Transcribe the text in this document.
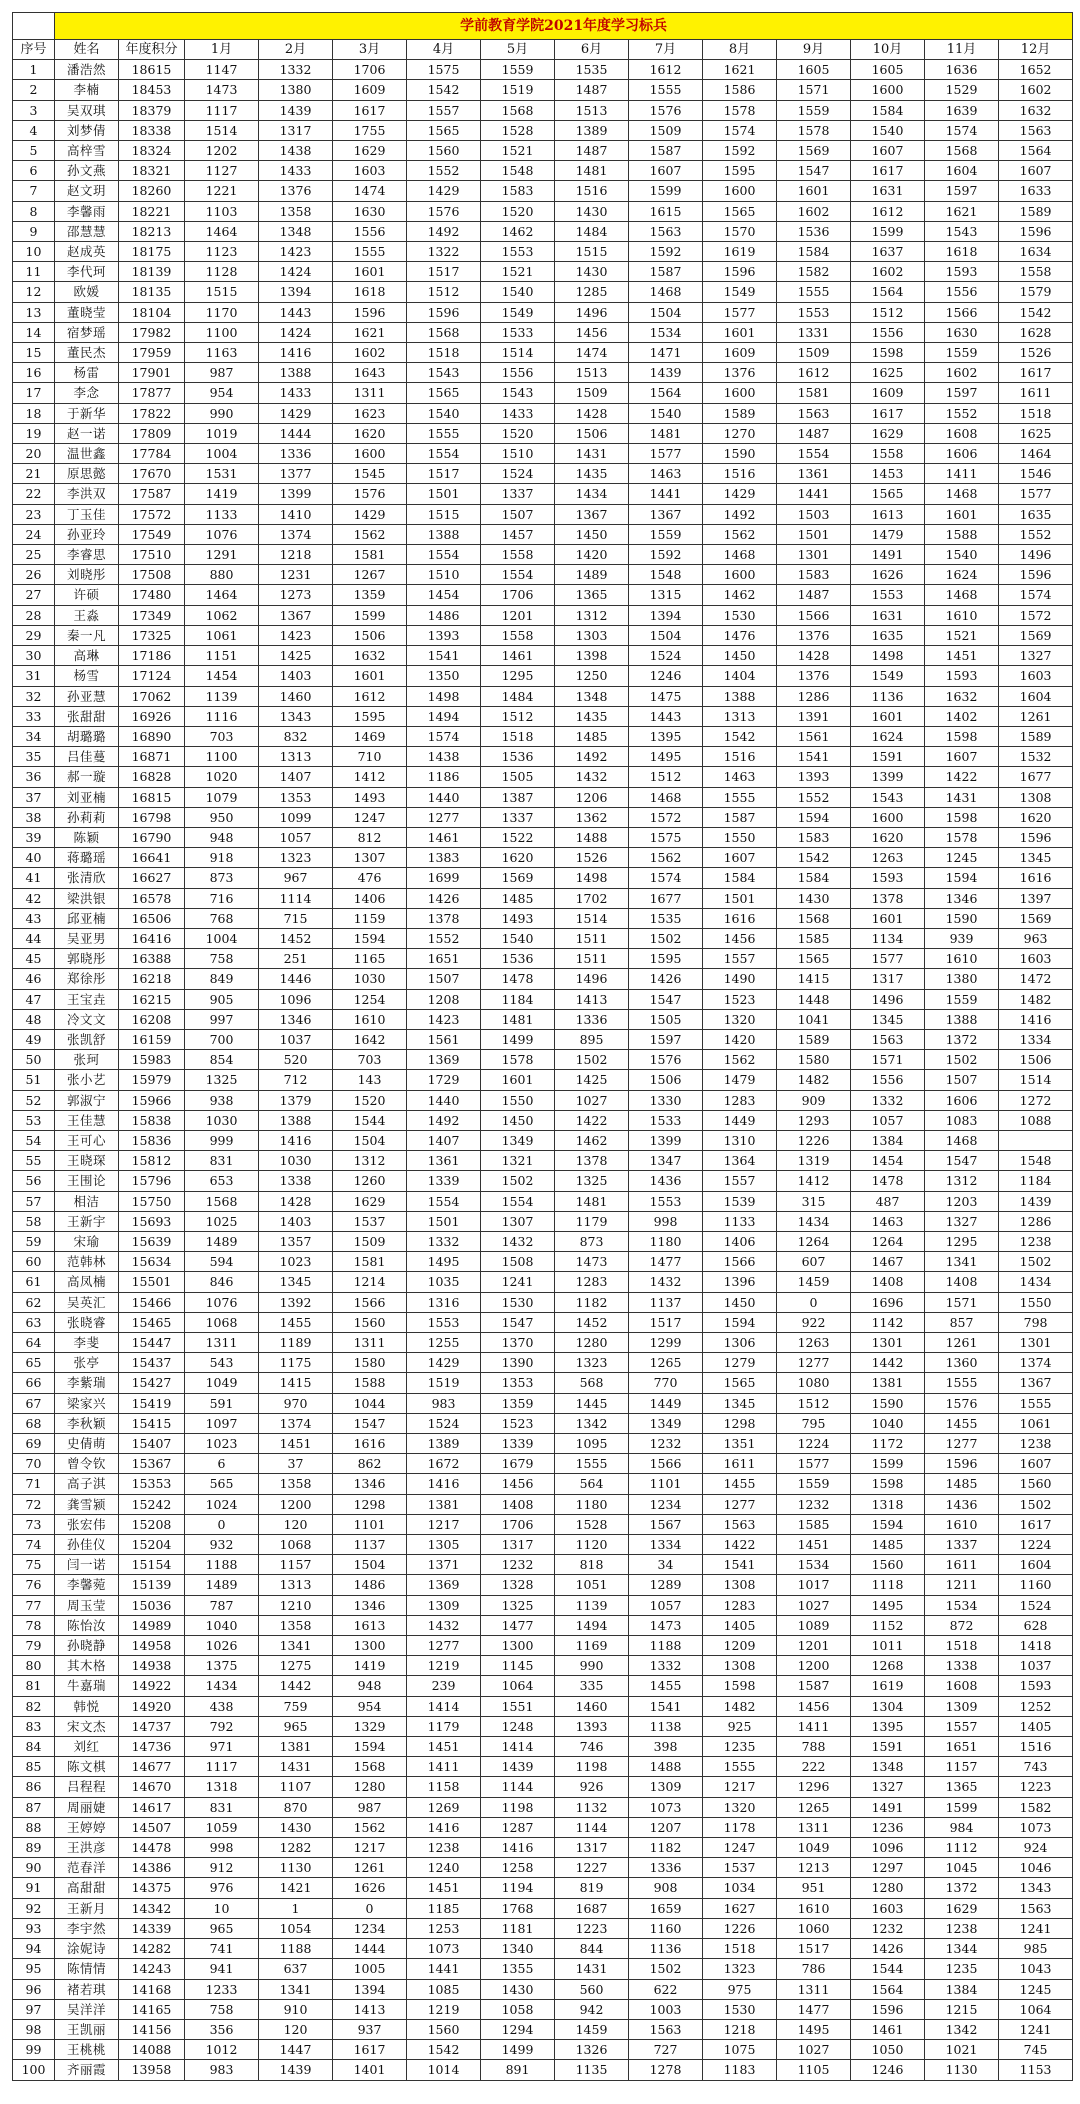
	学前教育学院2021年度学习标兵													
序号	姓名	年度积分	1月	2月	3月	4月	5月	6月	7月	8月	9月	10月	11月	12月
1	潘浩然	18615	1147	1332	1706	1575	1559	1535	1612	1621	1605	1605	1636	1652
2	李楠	18453	1473	1380	1609	1542	1519	1487	1555	1586	1571	1600	1529	1602
3	吴双琪	18379	1117	1439	1617	1557	1568	1513	1576	1578	1559	1584	1639	1632
4	刘梦倩	18338	1514	1317	1755	1565	1528	1389	1509	1574	1578	1540	1574	1563
5	高梓雪	18324	1202	1438	1629	1560	1521	1487	1587	1592	1569	1607	1568	1564
6	孙文燕	18321	1127	1433	1603	1552	1548	1481	1607	1595	1547	1617	1604	1607
7	赵文玥	18260	1221	1376	1474	1429	1583	1516	1599	1600	1601	1631	1597	1633
8	李馨雨	18221	1103	1358	1630	1576	1520	1430	1615	1565	1602	1612	1621	1589
9	邵慧慧	18213	1464	1348	1556	1492	1462	1484	1563	1570	1536	1599	1543	1596
10	赵成英	18175	1123	1423	1555	1322	1553	1515	1592	1619	1584	1637	1618	1634
11	李代珂	18139	1128	1424	1601	1517	1521	1430	1587	1596	1582	1602	1593	1558
12	欧媛	18135	1515	1394	1618	1512	1540	1285	1468	1549	1555	1564	1556	1579
13	董晓莹	18104	1170	1443	1596	1596	1549	1496	1504	1577	1553	1512	1566	1542
14	宿梦瑶	17982	1100	1424	1621	1568	1533	1456	1534	1601	1331	1556	1630	1628
15	董民杰	17959	1163	1416	1602	1518	1514	1474	1471	1609	1509	1598	1559	1526
16	杨雷	17901	987	1388	1643	1543	1556	1513	1439	1376	1612	1625	1602	1617
17	李念	17877	954	1433	1311	1565	1543	1509	1564	1600	1581	1609	1597	1611
18	于新华	17822	990	1429	1623	1540	1433	1428	1540	1589	1563	1617	1552	1518
19	赵一诺	17809	1019	1444	1620	1555	1520	1506	1481	1270	1487	1629	1608	1625
20	温世鑫	17784	1004	1336	1600	1554	1510	1431	1577	1590	1554	1558	1606	1464
21	原思懿	17670	1531	1377	1545	1517	1524	1435	1463	1516	1361	1453	1411	1546
22	李洪双	17587	1419	1399	1576	1501	1337	1434	1441	1429	1441	1565	1468	1577
23	丁玉佳	17572	1133	1410	1429	1515	1507	1367	1367	1492	1503	1613	1601	1635
24	孙亚玲	17549	1076	1374	1562	1388	1457	1450	1559	1562	1501	1479	1588	1552
25	李睿思	17510	1291	1218	1581	1554	1558	1420	1592	1468	1301	1491	1540	1496
26	刘晓彤	17508	880	1231	1267	1510	1554	1489	1548	1600	1583	1626	1624	1596
27	许硕	17480	1464	1273	1359	1454	1706	1365	1315	1462	1487	1553	1468	1574
28	王淼	17349	1062	1367	1599	1486	1201	1312	1394	1530	1566	1631	1610	1572
29	秦一凡	17325	1061	1423	1506	1393	1558	1303	1504	1476	1376	1635	1521	1569
30	高琳	17186	1151	1425	1632	1541	1461	1398	1524	1450	1428	1498	1451	1327
31	杨雪	17124	1454	1403	1601	1350	1295	1250	1246	1404	1376	1549	1593	1603
32	孙亚慧	17062	1139	1460	1612	1498	1484	1348	1475	1388	1286	1136	1632	1604
33	张甜甜	16926	1116	1343	1595	1494	1512	1435	1443	1313	1391	1601	1402	1261
34	胡璐璐	16890	703	832	1469	1574	1518	1485	1395	1542	1561	1624	1598	1589
35	吕佳蔓	16871	1100	1313	710	1438	1536	1492	1495	1516	1541	1591	1607	1532
36	郝一璇	16828	1020	1407	1412	1186	1505	1432	1512	1463	1393	1399	1422	1677
37	刘亚楠	16815	1079	1353	1493	1440	1387	1206	1468	1555	1552	1543	1431	1308
38	孙莉莉	16798	950	1099	1247	1277	1337	1362	1572	1587	1594	1600	1598	1620
39	陈颖	16790	948	1057	812	1461	1522	1488	1575	1550	1583	1620	1578	1596
40	蒋璐瑶	16641	918	1323	1307	1383	1620	1526	1562	1607	1542	1263	1245	1345
41	张清欣	16627	873	967	476	1699	1569	1498	1574	1584	1584	1593	1594	1616
42	梁洪银	16578	716	1114	1406	1426	1485	1702	1677	1501	1430	1378	1346	1397
43	邱亚楠	16506	768	715	1159	1378	1493	1514	1535	1616	1568	1601	1590	1569
44	吴亚男	16416	1004	1452	1594	1552	1540	1511	1502	1456	1585	1134	939	963
45	郭晓彤	16388	758	251	1165	1651	1536	1511	1595	1557	1565	1577	1610	1603
46	郑徐彤	16218	849	1446	1030	1507	1478	1496	1426	1490	1415	1317	1380	1472
47	王宝垚	16215	905	1096	1254	1208	1184	1413	1547	1523	1448	1496	1559	1482
48	冷文文	16208	997	1346	1610	1423	1481	1336	1505	1320	1041	1345	1388	1416
49	张凯舒	16159	700	1037	1642	1561	1499	895	1597	1420	1589	1563	1372	1334
50	张珂	15983	854	520	703	1369	1578	1502	1576	1562	1580	1571	1502	1506
51	张小艺	15979	1325	712	143	1729	1601	1425	1506	1479	1482	1556	1507	1514
52	郭淑宁	15966	938	1379	1520	1440	1550	1027	1330	1283	909	1332	1606	1272
53	王佳慧	15838	1030	1388	1544	1492	1450	1422	1533	1449	1293	1057	1083	1088
54	王可心	15836	999	1416	1504	1407	1349	1462	1399	1310	1226	1384	1468	
55	王晓琛	15812	831	1030	1312	1361	1321	1378	1347	1364	1319	1454	1547	1548
56	王围论	15796	653	1338	1260	1339	1502	1325	1436	1557	1412	1478	1312	1184
57	相洁	15750	1568	1428	1629	1554	1554	1481	1553	1539	315	487	1203	1439
58	王新宇	15693	1025	1403	1537	1501	1307	1179	998	1133	1434	1463	1327	1286
59	宋瑜	15639	1489	1357	1509	1332	1432	873	1180	1406	1264	1264	1295	1238
60	范韩林	15634	594	1023	1581	1495	1508	1473	1477	1566	607	1467	1341	1502
61	高凤楠	15501	846	1345	1214	1035	1241	1283	1432	1396	1459	1408	1408	1434
62	吴英汇	15466	1076	1392	1566	1316	1530	1182	1137	1450	0	1696	1571	1550
63	张晓睿	15465	1068	1455	1560	1553	1547	1452	1517	1594	922	1142	857	798
64	李斐	15447	1311	1189	1311	1255	1370	1280	1299	1306	1263	1301	1261	1301
65	张亭	15437	543	1175	1580	1429	1390	1323	1265	1279	1277	1442	1360	1374
66	李紫瑞	15427	1049	1415	1588	1519	1353	568	770	1565	1080	1381	1555	1367
67	梁家兴	15419	591	970	1044	983	1359	1445	1449	1345	1512	1590	1576	1555
68	李秋颖	15415	1097	1374	1547	1524	1523	1342	1349	1298	795	1040	1455	1061
69	史倩萌	15407	1023	1451	1616	1389	1339	1095	1232	1351	1224	1172	1277	1238
70	曾令钦	15367	6	37	862	1672	1679	1555	1566	1611	1577	1599	1596	1607
71	高子淇	15353	565	1358	1346	1416	1456	564	1101	1455	1559	1598	1485	1560
72	龚雪颍	15242	1024	1200	1298	1381	1408	1180	1234	1277	1232	1318	1436	1502
73	张宏伟	15208	0	120	1101	1217	1706	1528	1567	1563	1585	1594	1610	1617
74	孙佳仪	15204	932	1068	1137	1305	1317	1120	1334	1422	1451	1485	1337	1224
75	闫一诺	15154	1188	1157	1504	1371	1232	818	34	1541	1534	1560	1611	1604
76	李馨菀	15139	1489	1313	1486	1369	1328	1051	1289	1308	1017	1118	1211	1160
77	周玉莹	15036	787	1210	1346	1309	1325	1139	1057	1283	1027	1495	1534	1524
78	陈怡汝	14989	1040	1358	1613	1432	1477	1494	1473	1405	1089	1152	872	628
79	孙晓静	14958	1026	1341	1300	1277	1300	1169	1188	1209	1201	1011	1518	1418
80	其木格	14938	1375	1275	1419	1219	1145	990	1332	1308	1200	1268	1338	1037
81	牛嘉瑞	14922	1434	1442	948	239	1064	335	1455	1598	1587	1619	1608	1593
82	韩悦	14920	438	759	954	1414	1551	1460	1541	1482	1456	1304	1309	1252
83	宋文杰	14737	792	965	1329	1179	1248	1393	1138	925	1411	1395	1557	1405
84	刘红	14736	971	1381	1594	1451	1414	746	398	1235	788	1591	1651	1516
85	陈文棋	14677	1117	1431	1568	1411	1439	1198	1488	1555	222	1348	1157	743
86	吕程程	14670	1318	1107	1280	1158	1144	926	1309	1217	1296	1327	1365	1223
87	周丽婕	14617	831	870	987	1269	1198	1132	1073	1320	1265	1491	1599	1582
88	王婷婷	14507	1059	1430	1562	1416	1287	1144	1207	1178	1311	1236	984	1073
89	王洪彦	14478	998	1282	1217	1238	1416	1317	1182	1247	1049	1096	1112	924
90	范春洋	14386	912	1130	1261	1240	1258	1227	1336	1537	1213	1297	1045	1046
91	高甜甜	14375	976	1421	1626	1451	1194	819	908	1034	951	1280	1372	1343
92	王新月	14342	10	1	0	1185	1768	1687	1659	1627	1610	1603	1629	1563
93	李宇然	14339	965	1054	1234	1253	1181	1223	1160	1226	1060	1232	1238	1241
94	涂妮诗	14282	741	1188	1444	1073	1340	844	1136	1518	1517	1426	1344	985
95	陈情情	14243	941	637	1005	1441	1355	1431	1502	1323	786	1544	1235	1043
96	褚若琪	14168	1233	1341	1394	1085	1430	560	622	975	1311	1564	1384	1245
97	吴洋洋	14165	758	910	1413	1219	1058	942	1003	1530	1477	1596	1215	1064
98	王凯丽	14156	356	120	937	1560	1294	1459	1563	1218	1495	1461	1342	1241
99	王桃桃	14088	1012	1447	1617	1542	1499	1326	727	1075	1027	1050	1021	745
100	齐丽霞	13958	983	1439	1401	1014	891	1135	1278	1183	1105	1246	1130	1153
